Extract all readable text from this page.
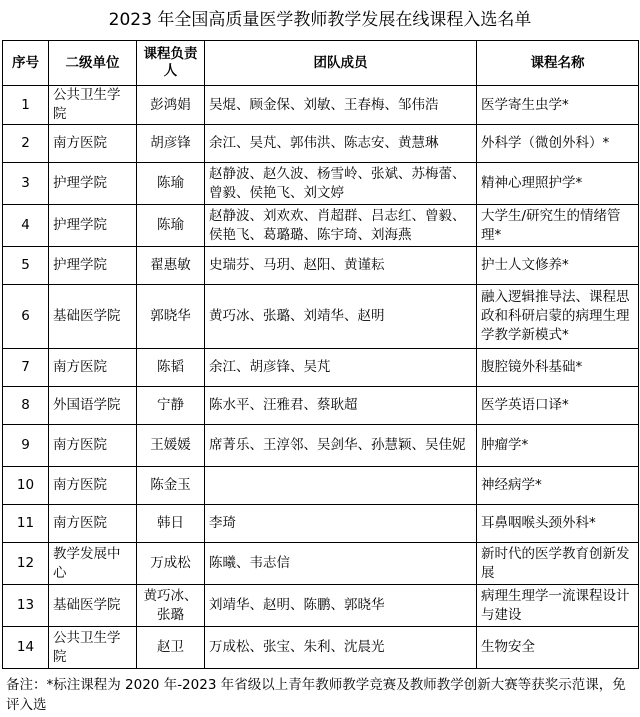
2023 年全国高质量医学教师教学发展在线课程入选名单
序号	二级单位	课程负责人	团队成员	课程名称
1	公共卫生学院	彭鸿娟	吴焜、顾金保、刘敏、王春梅、邹伟浩	医学寄生虫学*
2	南方医院	胡彦锋	余江、吴芃、郭伟洪、陈志安、黄慧琳	外科学（微创外科）*
3	护理学院	陈瑜	赵静波、赵久波、杨雪岭、张斌、苏梅蕾、曾毅、侯艳飞、刘文婷	精神心理照护学*
4	护理学院	陈瑜	赵静波、刘欢欢、肖超群、吕志红、曾毅、侯艳飞、葛璐璐、陈宇琦、刘海燕	大学生/研究生的情绪管理*
5	护理学院	翟惠敏	史瑞芬、马玥、赵阳、黄谨耘	护士人文修养*
6	基础医学院	郭晓华	黄巧冰、张璐、刘靖华、赵明	融入逻辑推导法、课程思政和科研启蒙的病理生理学教学新模式*
7	南方医院	陈韬	余江、胡彦锋、吴芃	腹腔镜外科基础*
8	外国语学院	宁静	陈水平、汪雅君、蔡耿超	医学英语口译*
9	南方医院	王媛媛	席菁乐、王淳邻、吴剑华、孙慧颖、吴佳妮	肿瘤学*
10	南方医院	陈金玉		神经病学*
11	南方医院	韩日	李琦	耳鼻咽喉头颈外科*
12	教学发展中心	万成松	陈曦、韦志信	新时代的医学教育创新发展
13	基础医学院	黄巧冰、张璐	刘靖华、赵明、陈鹏、郭晓华	病理生理学一流课程设计与建设
14	公共卫生学院	赵卫	万成松、张宝、朱利、沈晨光	生物安全
备注：*标注课程为 2020 年-2023 年省级以上青年教师教学竞赛及教师教学创新大赛等获奖示范课，免评入选
